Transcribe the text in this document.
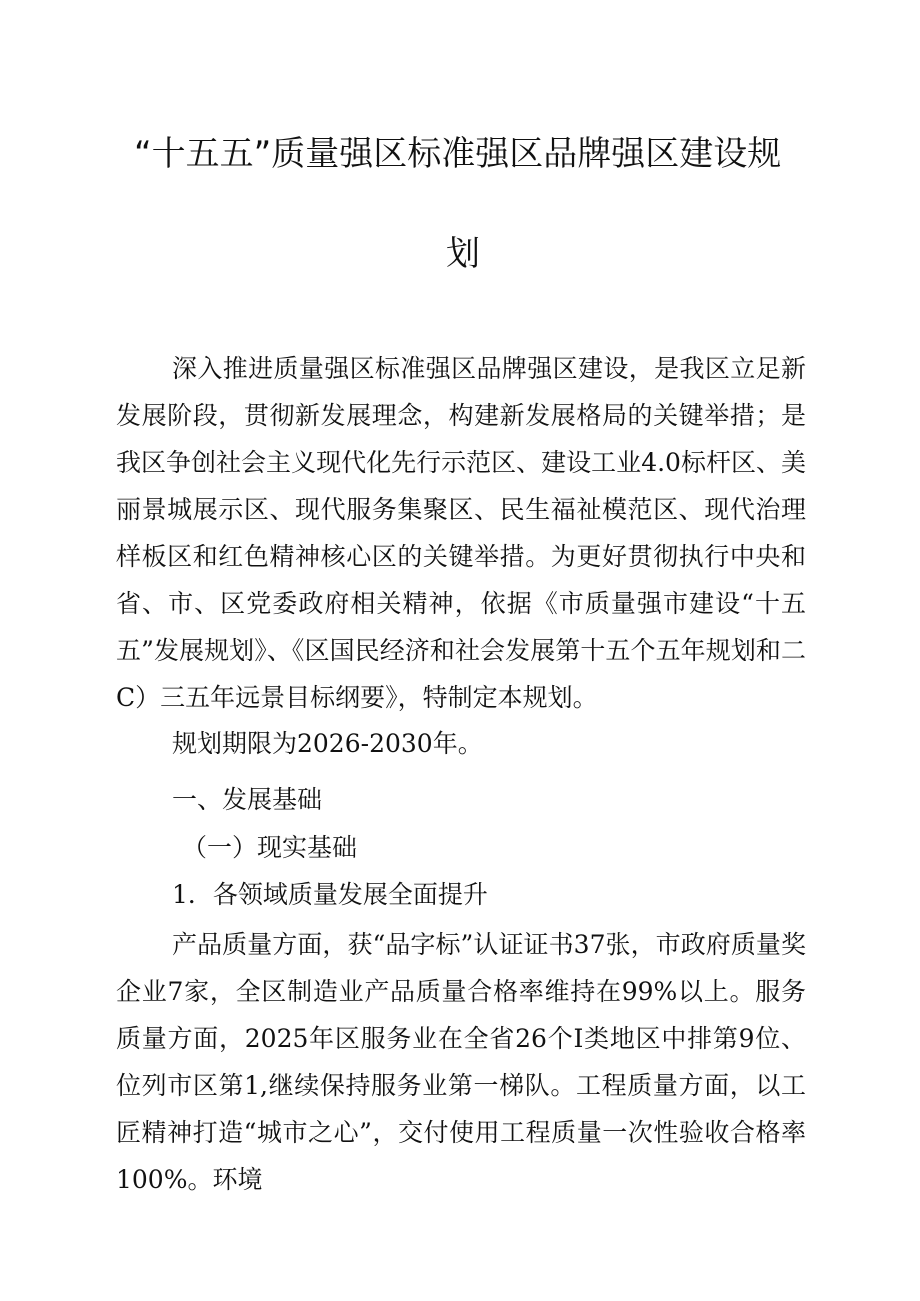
“十五五”质量强区标准强区品牌强区建设规
划

深入推进质量强区标准强区品牌强区建设，是我区立足新发展阶段，贯彻新发展理念，构建新发展格局的关键举措；是我区争创社会主义现代化先行示范区、建设工业4.0标杆区、美丽景城展示区、现代服务集聚区、民生福祉模范区、现代治理样板区和红色精神核心区的关键举措。为更好贯彻执行中央和省、市、区党委政府相关精神，依据《市质量强市建设“十五五”发展规划》、《区国民经济和社会发展第十五个五年规划和二C）三五年远景目标纲要》，特制定本规划。

规划期限为2026-2030年。

一、发展基础

（一）现实基础

1．各领域质量发展全面提升

产品质量方面，获“品字标”认证证书37张，市政府质量奖企业7家，全区制造业产品质量合格率维持在99%以上。服务质量方面，2025年区服务业在全省26个I类地区中排第9位、位列市区第1,继续保持服务业第一梯队。工程质量方面，以工匠精神打造“城市之心”，交付使用工程质量一次性验收合格率100%。环境
